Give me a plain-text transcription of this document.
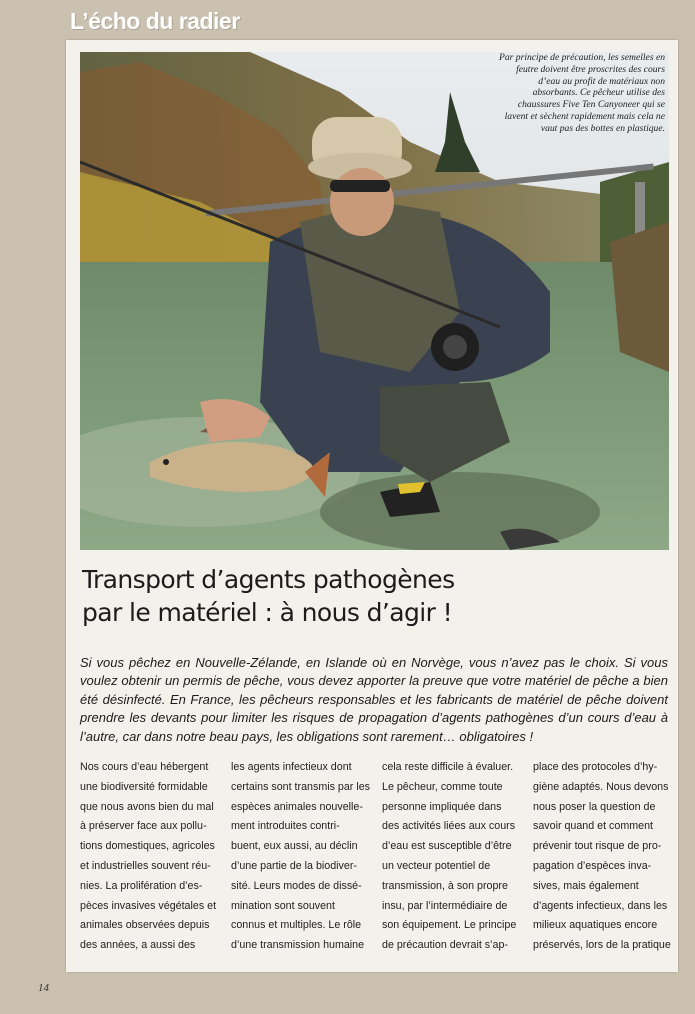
L’écho du radier
Par principe de précaution, les semelles en feutre doivent être proscrites des cours d’eau au profit de matériaux non absorbants. Ce pêcheur utilise des chaussures Five Ten Canyoneer qui se lavent et sèchent rapidement mais cela ne vaut pas des bottes en plastique.
Transport d’agents pathogènes
par le matériel : à nous d’agir !
Si vous pêchez en Nouvelle-Zélande, en Islande où en Norvège, vous n’avez pas le choix. Si vous voulez obtenir un permis de pêche, vous devez apporter la preuve que votre matériel de pêche a bien été désinfecté. En France, les pêcheurs responsables et les fabricants de matériel de pêche doivent prendre les devants pour limiter les risques de propagation d’agents pathogènes d’un cours d’eau à l’autre, car dans notre beau pays, les obligations sont rarement… obligatoires !
Nos cours d’eau hébergent
une biodiversité formidable
que nous avons bien du mal
à préserver face aux pollu-
tions domestiques, agricoles
et industrielles souvent réu-
nies. La prolifération d’es-
pèces invasives végétales et
animales observées depuis
des années, a aussi des
les agents infectieux dont
certains sont transmis par les
espèces animales nouvelle-
ment introduites contri-
buent, eux aussi, au déclin
d’une partie de la biodiver-
sité. Leurs modes de dissé-
mination sont souvent
connus et multiples. Le rôle
d’une transmission humaine
cela reste difficile à évaluer.
Le pêcheur, comme toute
personne impliquée dans
des activités liées aux cours
d’eau est susceptible d’être
un vecteur potentiel de
transmission, à son propre
insu, par l’intermédiaire de
son équipement. Le principe
de précaution devrait s’ap-
place des protocoles d’hy-
giène adaptés. Nous devons
nous poser la question de
savoir quand et comment
prévenir tout risque de pro-
pagation d’espèces inva-
sives, mais également
d’agents infectieux, dans les
milieux aquatiques encore
préservés, lors de la pratique
14
